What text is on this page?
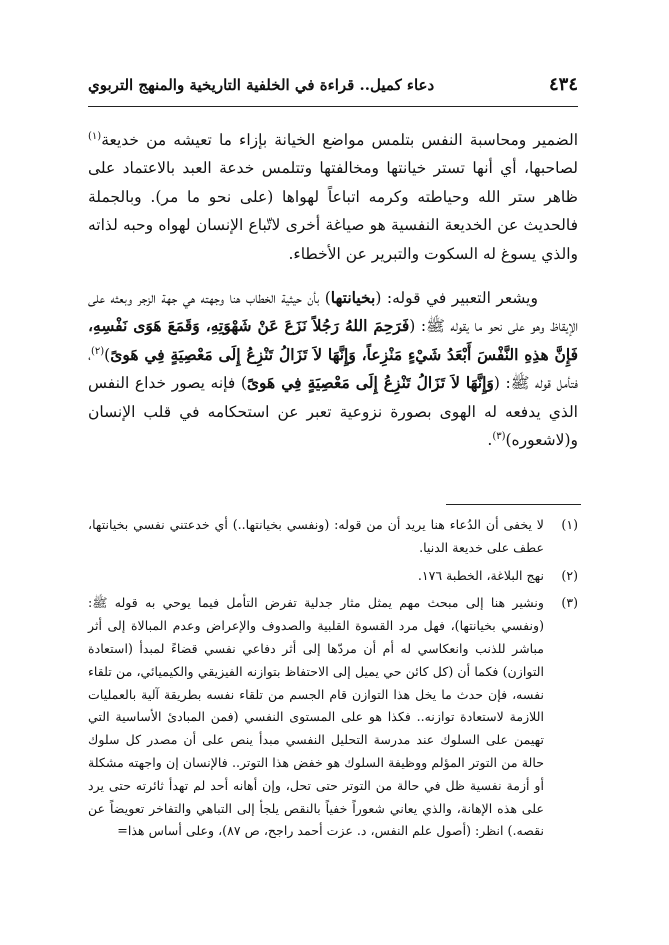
٤٣٤
دعاء كميل.. قراءة في الخلفية التاريخية والمنهج التربوي

الضمير ومحاسبة النفس بتلمس مواضع الخيانة بإزاء ما تعيشه من خديعة$^{(١)}$ لصاحبها، أي أنها تستر خيانتها ومخالفتها وتتلمس خدعة العبد بالاعتماد على ظاهر ستر الله وحياطته وكرمه اتباعاً لهواها (على نحو ما مر). وبالجملة فالحديث عن الخديعة النفسية هو صياغة أخرى لاتّباع الإنسان لهواه وحبه لذاته والذي يسوغ له السكوت والتبرير عن الأخطاء.

ويشعر التعبير في قوله: (بخيانتها) بأن حيثية الخطاب هنا وجهته هي جهة الزجر وبعثه على الإيقاظ وهو على نحو ما يقوله ﷺ: (فَرَحِمَ اللهُ رَجُلاً نَزَعَ عَنْ شَهْوَتِهِ، وَقَمَعَ هَوَى نَفْسِهِ، فَإِنَّ هذِهِ النَّفْسَ أَبْعَدُ شَيْءٍ مَنْزِعاً، وَإِنَّهَا لاَ تَزَالُ تَنْزِعُ إِلَى مَعْصِيَةٍ فِي هَوىً)$^{(٢)}$، فتأمل قوله ﷺ: (وَإِنَّهَا لاَ تَزَالُ تَنْزِعُ إِلَى مَعْصِيَةٍ فِي هَوىً) فإنه يصور خداع النفس الذي يدفعه له الهوى بصورة نزوعية تعبر عن استحكامه في قلب الإنسان و(لاشعوره)$^{(٣)}$.

(١)
لا يخفى أن الدُعاء هنا يريد أن من قوله: (ونفسي بخيانتها..) أي خدعتني نفسي بخيانتها، عطف على خديعة الدنيا.
(٢)
نهج البلاغة، الخطبة ١٧٦.
(٣)
ونشير هنا إلى مبحث مهم يمثل مثار جدلية تفرض التأمل فيما يوحي به قوله ﷺ: (ونفسي بخيانتها)، فهل مرد القسوة القلبية والصدوف والإعراض وعدم المبالاة إلى أثر مباشر للذنب وانعكاسي له أم أن مردّها إلى أثر دفاعي نفسي قضاءً لمبدأ (استعادة التوازن) فكما أن (كل كائن حي يميل إلى الاحتفاظ بتوازنه الفيزيقي والكيميائي، من تلقاء نفسه، فإن حدث ما يخل هذا التوازن قام الجسم من تلقاء نفسه بطريقة آلية بالعمليات اللازمة لاستعادة توازنه.. فكذا هو على المستوى النفسي (فمن المبادئ الأساسية التي تهيمن على السلوك عند مدرسة التحليل النفسي مبدأ ينص على أن مصدر كل سلوك حالة من التوتر المؤلم ووظيفة السلوك هو خفض هذا التوتر.. فالإنسان إن واجهته مشكلة أو أزمة نفسية ظل في حالة من التوتر حتى تحل، وإن أهانه أحد لم تهدأ ثائرته حتى يرد على هذه الإهانة، والذي يعاني شعوراً خفياً بالنقص يلجأ إلى التباهي والتفاخر تعويضاً عن نقصه.) انظر: (أصول علم النفس، د. عزت أحمد راجح، ص ٨٧)، وعلى أساس هذا=
